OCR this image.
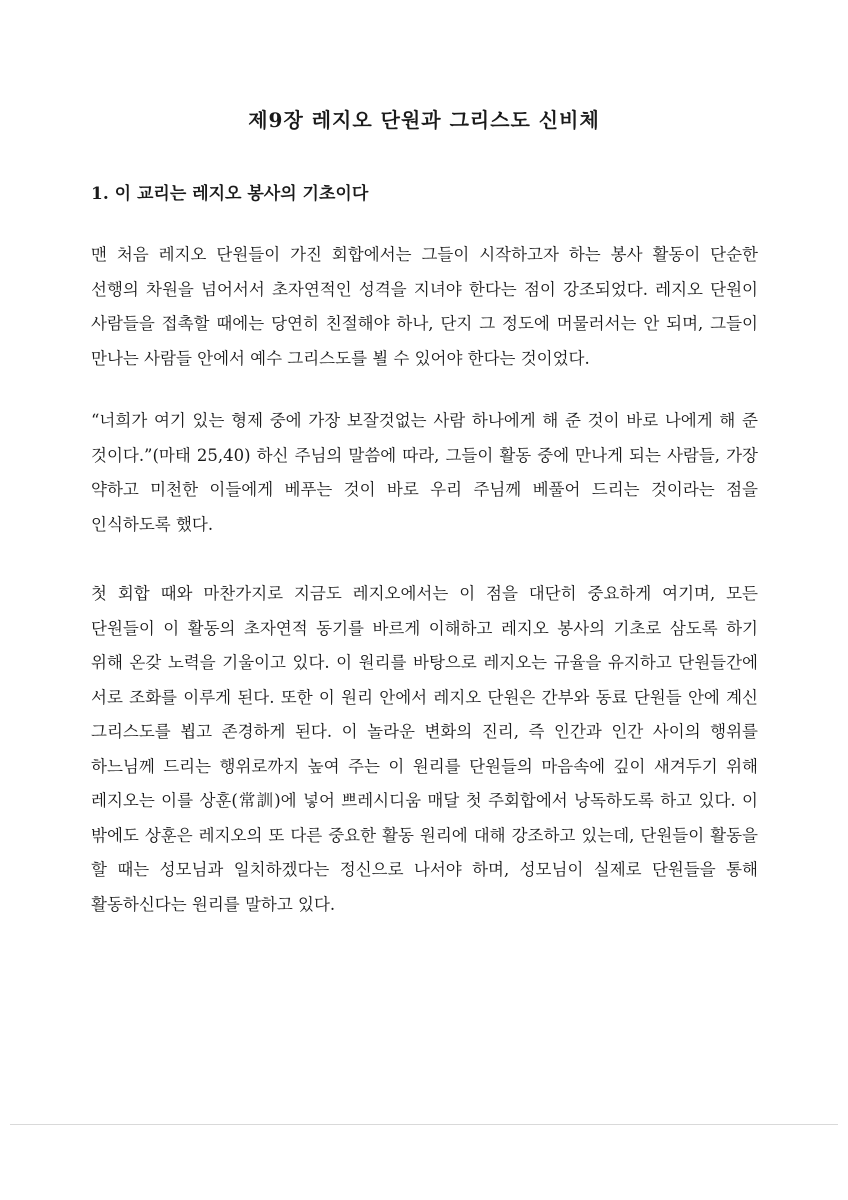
제9장 레지오 단원과 그리스도 신비체
1. 이 교리는 레지오 봉사의 기초이다

맨 처음 레지오 단원들이 가진 회합에서는 그들이 시작하고자 하는 봉사 활동이 단순한 선행의 차원을 넘어서서 초자연적인 성격을 지녀야 한다는 점이 강조되었다. 레지오 단원이 사람들을 접촉할 때에는 당연히 친절해야 하나, 단지 그 정도에 머물러서는 안 되며, 그들이 만나는 사람들 안에서 예수 그리스도를 뵐 수 있어야 한다는 것이었다.

“너희가 여기 있는 형제 중에 가장 보잘것없는 사람 하나에게 해 준 것이 바로 나에게 해 준 것이다.”(마태 25,40) 하신 주님의 말씀에 따라, 그들이 활동 중에 만나게 되는 사람들, 가장 약하고 미천한 이들에게 베푸는 것이 바로 우리 주님께 베풀어 드리는 것이라는 점을 인식하도록 했다.

첫 회합 때와 마찬가지로 지금도 레지오에서는 이 점을 대단히 중요하게 여기며, 모든 단원들이 이 활동의 초자연적 동기를 바르게 이해하고 레지오 봉사의 기초로 삼도록 하기 위해 온갖 노력을 기울이고 있다. 이 원리를 바탕으로 레지오는 규율을 유지하고 단원들간에 서로 조화를 이루게 된다. 또한 이 원리 안에서 레지오 단원은 간부와 동료 단원들 안에 계신 그리스도를 뵙고 존경하게 된다. 이 놀라운 변화의 진리, 즉 인간과 인간 사이의 행위를 하느님께 드리는 행위로까지 높여 주는 이 원리를 단원들의 마음속에 깊이 새겨두기 위해 레지오는 이를 상훈(常訓)에 넣어 쁘레시디움 매달 첫 주회합에서 낭독하도록 하고 있다. 이 밖에도 상훈은 레지오의 또 다른 중요한 활동 원리에 대해 강조하고 있는데, 단원들이 활동을 할 때는 성모님과 일치하겠다는 정신으로 나서야 하며, 성모님이 실제로 단원들을 통해 활동하신다는 원리를 말하고 있다.
